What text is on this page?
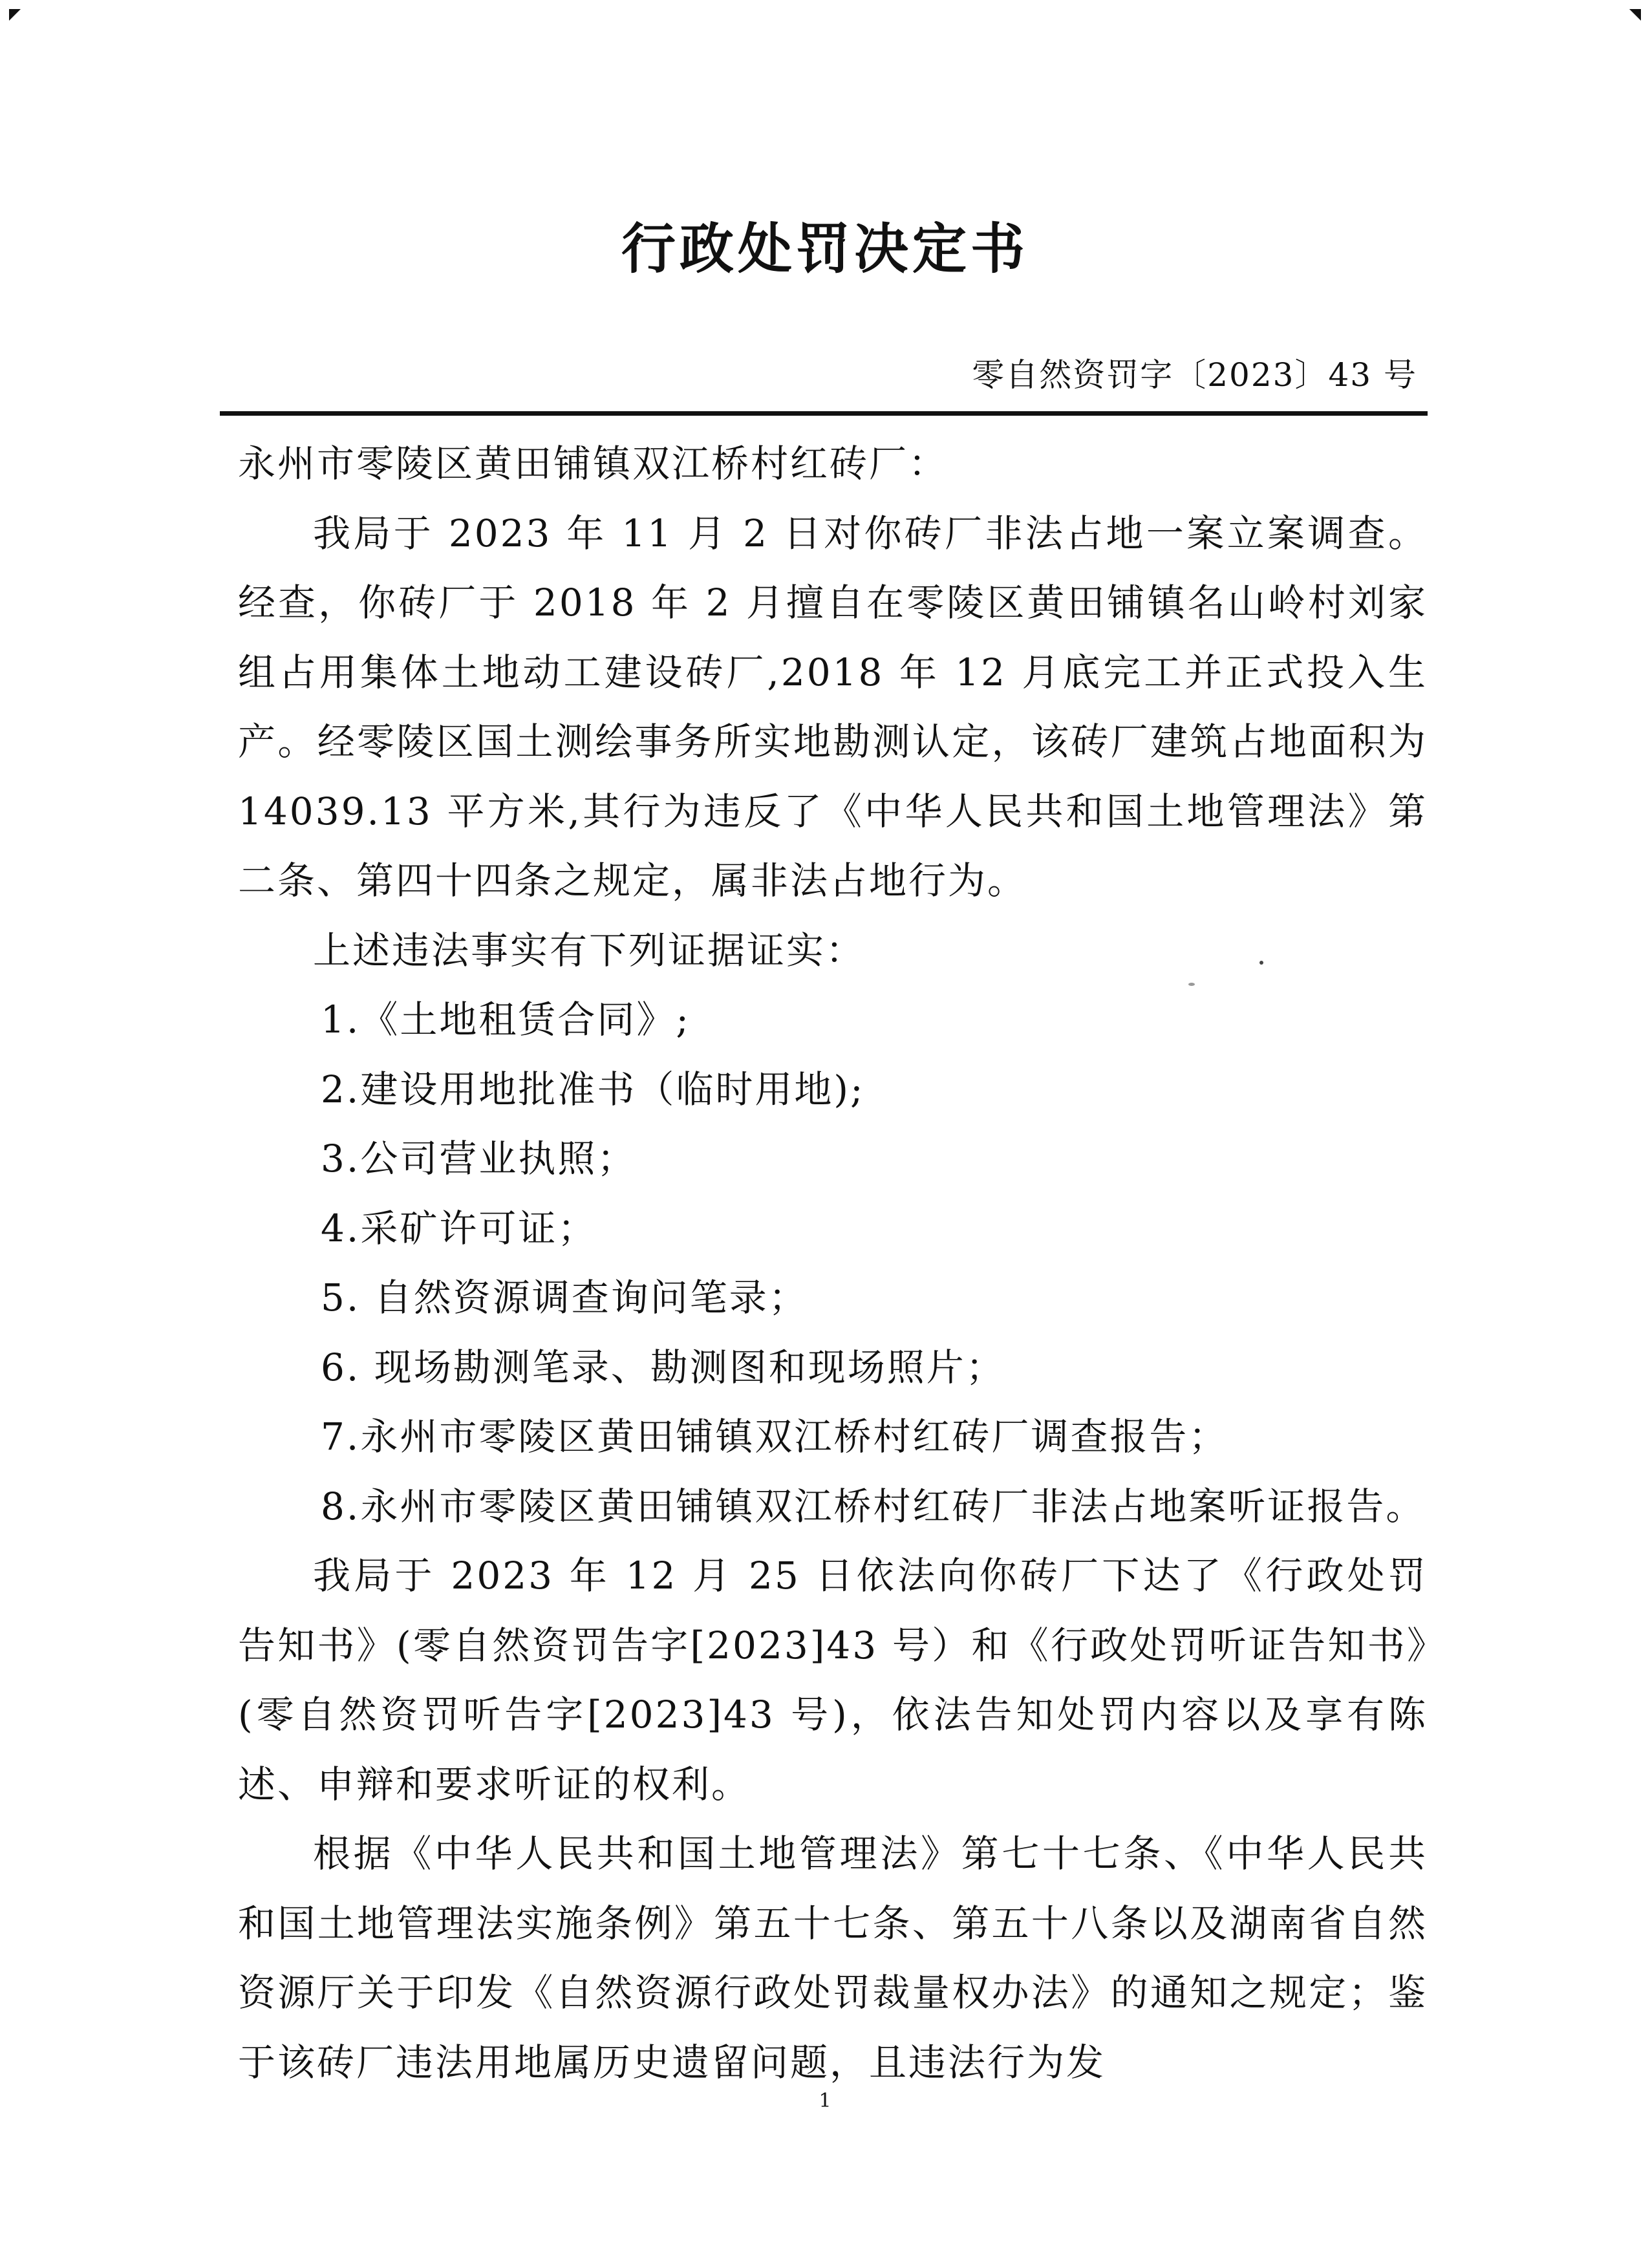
行政处罚决定书
零自然资罚字〔2023〕43 号

永州市零陵区黄田铺镇双江桥村红砖厂：

我局于 2023 年 11 月 2 日对你砖厂非法占地一案立案调查。经查，你砖厂于 2018 年 2 月擅自在零陵区黄田铺镇名山岭村刘家组占用集体土地动工建设砖厂,2018 年 12 月底完工并正式投入生产。经零陵区国土测绘事务所实地勘测认定，该砖厂建筑占地面积为 14039.13 平方米,其行为违反了《中华人民共和国土地管理法》第二条、第四十四条之规定，属非法占地行为。

上述违法事实有下列证据证实：

1.《土地租赁合同》;

2.建设用地批准书（临时用地);

3.公司营业执照；

4.采矿许可证；

5. 自然资源调查询问笔录；

6. 现场勘测笔录、勘测图和现场照片；

7.永州市零陵区黄田铺镇双江桥村红砖厂调查报告；

8.永州市零陵区黄田铺镇双江桥村红砖厂非法占地案听证报告。

我局于 2023 年 12 月 25 日依法向你砖厂下达了《行政处罚告知书》(零自然资罚告字[2023]43 号）和《行政处罚听证告知书》(零自然资罚听告字[2023]43 号)，依法告知处罚内容以及享有陈述、申辩和要求听证的权利。

根据《中华人民共和国土地管理法》第七十七条、《中华人民共和国土地管理法实施条例》第五十七条、第五十八条以及湖南省自然资源厅关于印发《自然资源行政处罚裁量权办法》的通知之规定；鉴于该砖厂违法用地属历史遗留问题，且违法行为发

1
